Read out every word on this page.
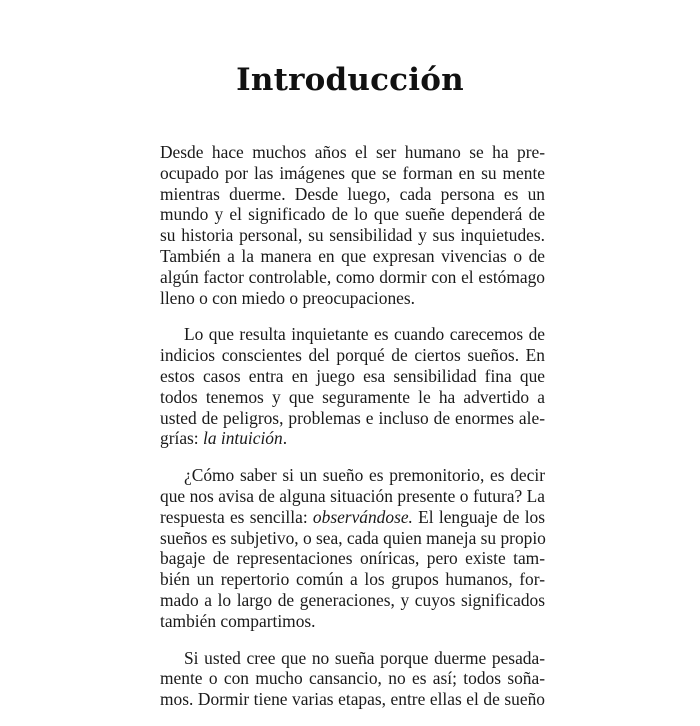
Introducción
Desde hace muchos años el ser humano se ha pre-
ocupado por las imágenes que se forman en su mente
mientras duerme. Desde luego, cada persona es un
mundo y el significado de lo que sueñe dependerá de
su historia personal, su sensibilidad y sus inquietudes.
También a la manera en que expresan vivencias o de
algún factor controlable, como dormir con el estómago
lleno o con miedo o preocupaciones.
Lo que resulta inquietante es cuando carecemos de
indicios conscientes del porqué de ciertos sueños. En
estos casos entra en juego esa sensibilidad fina que
todos tenemos y que seguramente le ha advertido a
usted de peligros, problemas e incluso de enormes ale-
grías: la intuición.
¿Cómo saber si un sueño es premonitorio, es decir
que nos avisa de alguna situación presente o futura? La
respuesta es sencilla: observándose. El lenguaje de los
sueños es subjetivo, o sea, cada quien maneja su propio
bagaje de representaciones oníricas, pero existe tam-
bién un repertorio común a los grupos humanos, for-
mado a lo largo de generaciones, y cuyos significados
también compartimos.
Si usted cree que no sueña porque duerme pesada-
mente o con mucho cansancio, no es así; todos soña-
mos. Dormir tiene varias etapas, entre ellas el de sueño
